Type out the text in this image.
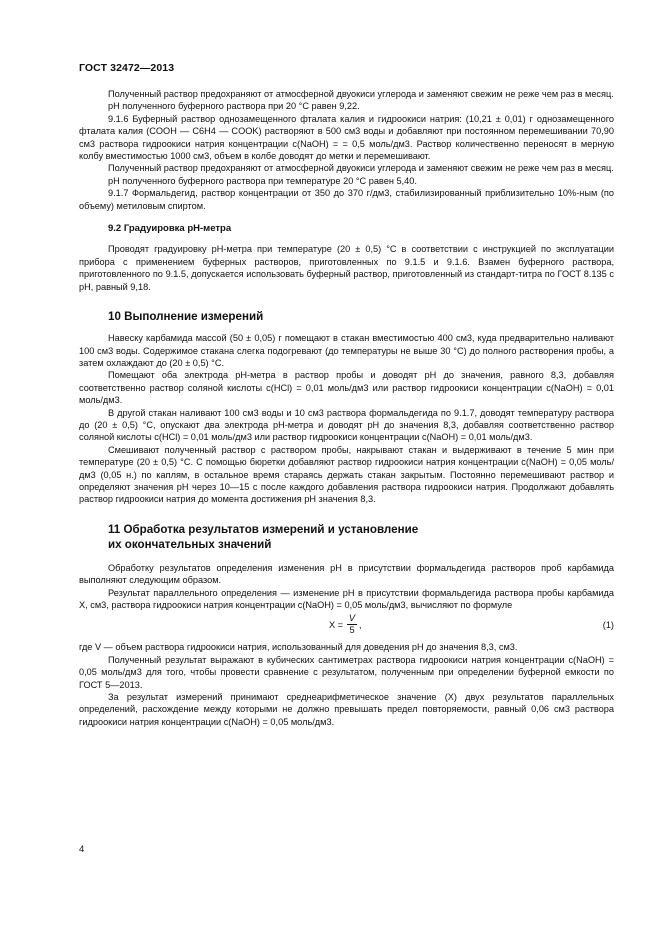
ГОСТ 32472—2013

Полученный раствор предохраняют от атмосферной двуокиси углерода и заменяют свежим не реже чем раз в месяц.

pH полученного буферного раствора при 20 °C равен 9,22.

9.1.6 Буферный раствор однозамещенного фталата калия и гидроокиси натрия: (10,21 ± 0,01) г однозамещенного фталата калия (COOH — C6H4 — COOK) растворяют в 500 см3 воды и добавляют при постоянном перемешивании 70,90 см3 раствора гидроокиси натрия концентрации c(NaOH) = = 0,5 моль/дм3. Раствор количественно переносят в мерную колбу вместимостью 1000 см3, объем в колбе доводят до метки и перемешивают.

Полученный раствор предохраняют от атмосферной двуокиси углерода и заменяют свежим не реже чем раз в месяц.

pH полученного буферного раствора при температуре 20 °C равен 5,40.

9.1.7 Формальдегид, раствор концентрации от 350 до 370 г/дм3, стабилизированный приблизительно 10%-ным (по объему) метиловым спиртом.

9.2 Градуировка pH-метра

Проводят градуировку pH-метра при температуре (20 ± 0,5) °C в соответствии с инструкцией по эксплуатации прибора с применением буферных растворов, приготовленных по 9.1.5 и 9.1.6. Взамен буферного раствора, приготовленного по 9.1.5, допускается использовать буферный раствор, приготовленный из стандарт-титра по ГОСТ 8.135 с pH, равный 9,18.

10 Выполнение измерений

Навеску карбамида массой (50 ± 0,05) г помещают в стакан вместимостью 400 см3, куда предварительно наливают 100 см3 воды. Содержимое стакана слегка подогревают (до температуры не выше 30 °C) до полного растворения пробы, а затем охлаждают до (20 ± 0,5) °C.

Помещают оба электрода pH-метра в раствор пробы и доводят pH до значения, равного 8,3, добавляя соответственно раствор соляной кислоты c(HCl) = 0,01 моль/дм3 или раствор гидроокиси концентрации c(NaOH) = 0,01 моль/дм3.

В другой стакан наливают 100 см3 воды и 10 см3 раствора формальдегида по 9.1.7, доводят температуру раствора до (20 ± 0,5) °C, опускают два электрода pH-метра и доводят pH до значения 8,3, добавляя соответственно раствор соляной кислоты c(HCl) = 0,01 моль/дм3 или раствор гидроокиси концентрации c(NaOH) = 0,01 моль/дм3.

Смешивают полученный раствор с раствором пробы, накрывают стакан и выдерживают в течение 5 мин при температуре (20 ± 0,5) °C. С помощью бюретки добавляют раствор гидроокиси натрия концентрации c(NaOH) = 0,05 моль/дм3 (0,05 н.) по каплям, в остальное время стараясь держать стакан закрытым. Постоянно перемешивают раствор и определяют значения pH через 10—15 с после каждого добавления раствора гидроокиси натрия. Продолжают добавлять раствор гидроокиси натрия до момента достижения pH значения 8,3.

11 Обработка результатов измерений и установление
их окончательных значений

Обработку результатов определения изменения pH в присутствии формальдегида растворов проб карбамида выполняют следующим образом.

Результат параллельного определения — изменение pH в присутствии формальдегида раствора пробы карбамида X, см3, раствора гидроокиси натрия концентрации c(NaOH) = 0,05 моль/дм3, вычисляют по формуле

$X = \frac{V}{5}$ ,	(1)

где V — объем раствора гидроокиси натрия, использованный для доведения pH до значения 8,3, см3.

Полученный результат выражают в кубических сантиметрах раствора гидроокиси натрия концентрации c(NaOH) = 0,05 моль/дм3 для того, чтобы провести сравнение с результатом, полученным при определении буферной емкости по ГОСТ 5—2013.

За результат измерений принимают среднеарифметическое значение (X) двух результатов параллельных определений, расхождение между которыми не должно превышать предел повторяемости, равный 0,06 см3 раствора гидроокиси натрия концентрации c(NaOH) = 0,05 моль/дм3.

4
